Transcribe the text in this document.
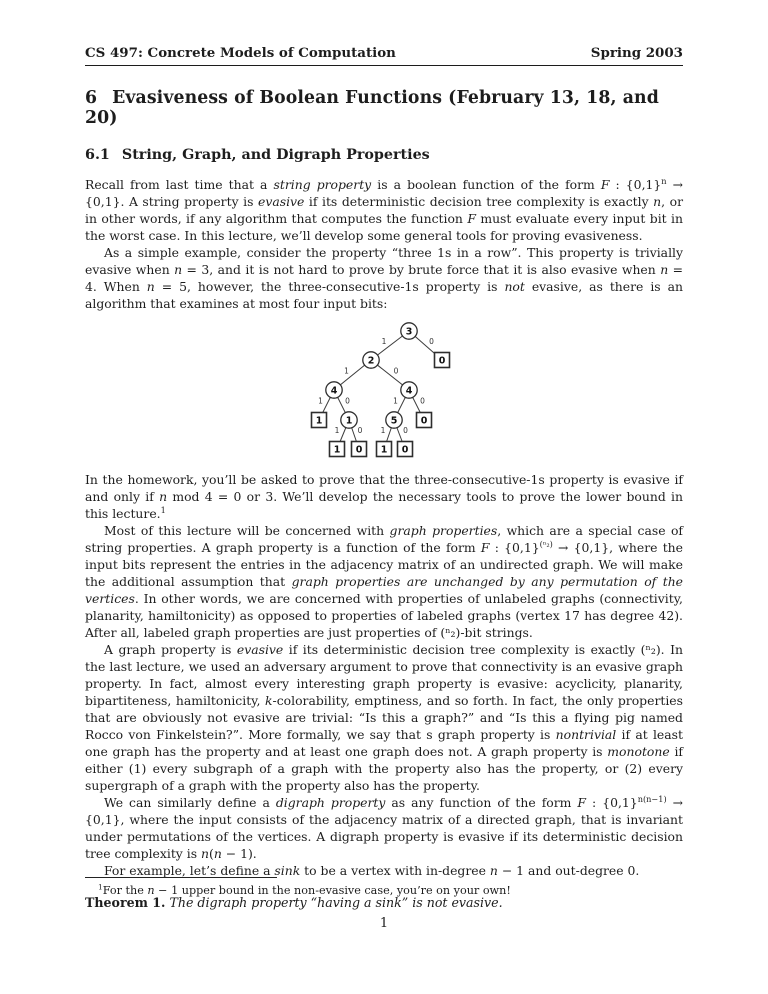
CS 497: Concrete Models of Computation	Spring 2003
6 Evasiveness of Boolean Functions (February 13, 18, and 20)
6.1 String, Graph, and Digraph Properties

Recall from last time that a string property is a boolean function of the form F : $\{0,1\}^n \to \{0,1\}$. A string property is evasive if its deterministic decision tree complexity is exactly n, or in other words, if any algorithm that computes the function F must evaluate every input bit in the worst case. In this lecture, we’ll develop some general tools for proving evasiveness.

As a simple example, consider the property “three 1s in a row”. This property is trivially evasive when n = 3, and it is not hard to prove by brute force that it is also evasive when n = 4. When n = 5, however, the three-consecutive-1s property is not evasive, as there is an algorithm that examines at most four input bits:

1	0
1	0
1	0	1	0
1 0 1 0
3
2	0
4	4
1 1	5 0
1 0 1 0

In the homework, you’ll be asked to prove that the three-consecutive-1s property is evasive if and only if n mod 4 = 0 or 3. We’ll develop the necessary tools to prove the lower bound in this lecture.$^1$

Most of this lecture will be concerned with graph properties, which are a special case of string properties. A graph property is a function of the form F : $\{0,1\}^{(^n_2)} \to \{0,1\}$, where the input bits represent the entries in the adjacency matrix of an undirected graph. We will make the additional assumption that graph properties are unchanged by any permutation of the vertices. In other words, we are concerned with properties of unlabeled graphs (connectivity, planarity, hamiltonicity) as opposed to properties of labeled graphs (vertex 17 has degree 42). After all, labeled graph properties are just properties of (ⁿ₂)-bit strings.

A graph property is evasive if its deterministic decision tree complexity is exactly (ⁿ₂). In the last lecture, we used an adversary argument to prove that connectivity is an evasive graph property. In fact, almost every interesting graph property is evasive: acyclicity, planarity, bipartiteness, hamiltonicity, k-colorability, emptiness, and so forth. In fact, the only properties that are obviously not evasive are trivial: “Is this a graph?” and “Is this a flying pig named Rocco von Finkelstein?”. More formally, we say that s graph property is nontrivial if at least one graph has the property and at least one graph does not. A graph property is monotone if either (1) every subgraph of a graph with the property also has the property, or (2) every supergraph of a graph with the property also has the property.

We can similarly define a digraph property as any function of the form F : $\{0,1\}^{n(n-1)} \to \{0,1\}$, where the input consists of the adjacency matrix of a directed graph, that is invariant under permutations of the vertices. A digraph property is evasive if its deterministic decision tree complexity is n(n − 1).

For example, let’s define a sink to be a vertex with in-degree n − 1 and out-degree 0.

Theorem 1. The digraph property “having a sink” is not evasive.

$^1$For the n − 1 upper bound in the non-evasive case, you’re on your own!

1
